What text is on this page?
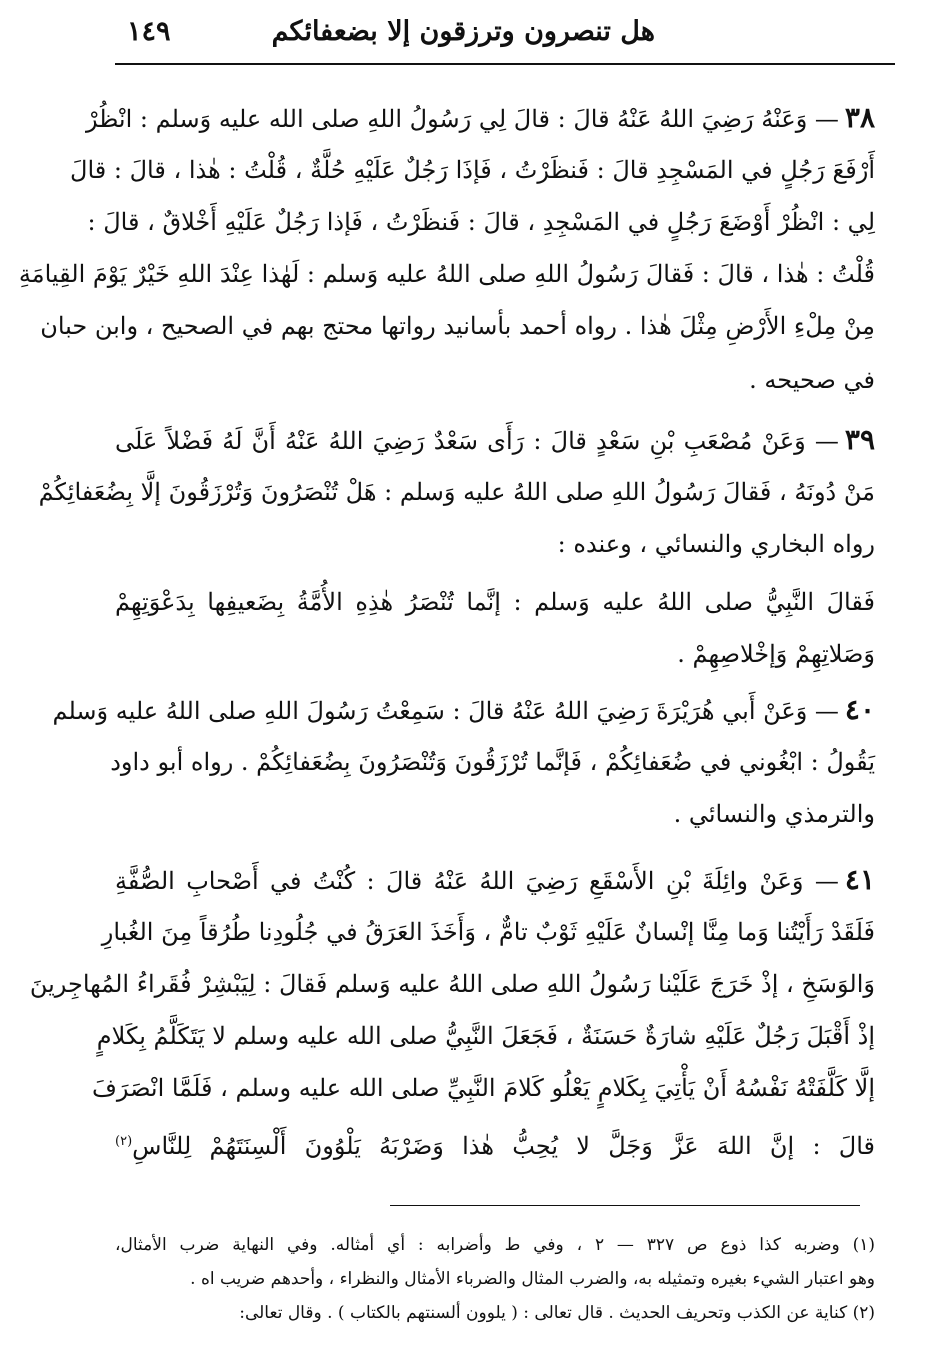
هل تنصرون وترزقون إلا بضعفائكم
١٤٩
٣٨— وَعَنْهُ رَضِيَ اللهُ عَنْهُ قالَ : قالَ لِي رَسُولُ اللهِ صلى الله عليه وَسلم : انْظُرْ
أَرْفَعَ رَجُلٍ في المَسْجِدِ قالَ : فَنظَرْتُ ، فَإذَا رَجُلٌ عَلَيْهِ حُلَّةٌ ، قُلْتُ : هٰذا ، قالَ : قالَ
لِي : انْظُرْ أَوْضَعَ رَجُلٍ في المَسْجِدِ ، قالَ : فَنظَرْتُ ، فَإذا رَجُلٌ عَلَيْهِ أَخْلاقٌ ، قالَ :
قُلْتُ : هٰذا ، قالَ : فَقالَ رَسُولُ اللهِ صلى اللهُ عليه وَسلم : لَهٰذا عِنْدَ اللهِ خَيْرٌ يَوْمَ القِيامَةِ
مِنْ مِلْءِ الأَرْضِ مِثْلَ هٰذا . رواه أحمد بأسانيد رواتها محتج بهم في الصحيح ، وابن حبان
في صحيحه .
٣٩— وَعَنْ مُصْعَبِ بْنِ سَعْدٍ قالَ : رَأَى سَعْدٌ رَضِيَ اللهُ عَنْهُ أَنَّ لَهُ فَضْلاً عَلَى
مَنْ دُونَهُ ، فَقالَ رَسُولُ اللهِ صلى اللهُ عليه وَسلم : هَلْ تُنْصَرُونَ وَتُرْزَقُونَ إلَّا بِضُعَفائِكُمْ
رواه البخاري والنسائي ، وعنده :
فَقالَ النَّبِيُّ صلى اللهُ عليه وَسلم : إنَّما تُنْصَرُ هٰذِهِ الأُمَّةُ بِضَعيفِها بِدَعْوَتِهِمْ
وَصَلاتِهِمْ وَإخْلاصِهِمْ .
٤٠— وَعَنْ أَبي هُرَيْرَةَ رَضِيَ اللهُ عَنْهُ قالَ : سَمِعْتُ رَسُولَ اللهِ صلى اللهُ عليه وَسلم
يَقُولُ : ابْغُوني في ضُعَفائِكُمْ ، فَإنَّما تُرْزَقُونَ وَتُنْصَرُونَ بِضُعَفائِكُمْ . رواه أبو داود
والترمذي والنسائي .
٤١— وَعَنْ وائِلَةَ بْنِ الأَسْقَعِ رَضِيَ اللهُ عَنْهُ قالَ : كُنْتُ في أَصْحابِ الصُّفَّةِ
فَلَقَدْ رَأَيْتُنا وَما مِنَّا إنْسانٌ عَلَيْهِ ثَوْبٌ تامٌّ ، وَأَخَذَ العَرَقُ في جُلُودِنا طُرُقاً مِنَ الغُبارِ
وَالوَسَخِ ، إذْ خَرَجَ عَلَيْنا رَسُولُ اللهِ صلى اللهُ عليه وَسلم فَقالَ : لِيَبْشِرْ فُقَراءُ المُهاجِرينَ
إذْ أَقْبَلَ رَجُلٌ عَلَيْهِ شارَةٌ حَسَنَةٌ ، فَجَعَلَ النَّبِيُّ صلى الله عليه وسلم لا يَتَكَلَّمُ بِكَلامٍ
إلَّا كَلَّفَتْهُ نَفْسُهُ أَنْ يَأْتِيَ بِكَلامٍ يَعْلُو كَلامَ النَّبِيِّ صلى الله عليه وسلم ، فَلَمَّا انْصَرَفَ
قالَ : إنَّ اللهَ عَزَّ وَجَلَّ لا يُحِبُّ هٰذا وَضَرْبَهُ يَلْوُونَ أَلْسِنَتَهُمْ لِلنَّاسِ$^{(٢)}$
(١) وضربه كذا ذوع ص ٣٢٧ — ٢ ، وفي ط وأضرابه : أي أمثاله. وفي النهاية ضرب الأمثال،
وهو اعتبار الشيء بغيره وتمثيله به، والضرب المثال والضرباء الأمثال والنظراء ، وأحدهم ضريب اه .
(٢) كناية عن الكذب وتحريف الحديث . قال تعالى : ( يلوون ألسنتهم بالكتاب ) . وقال تعالى:
